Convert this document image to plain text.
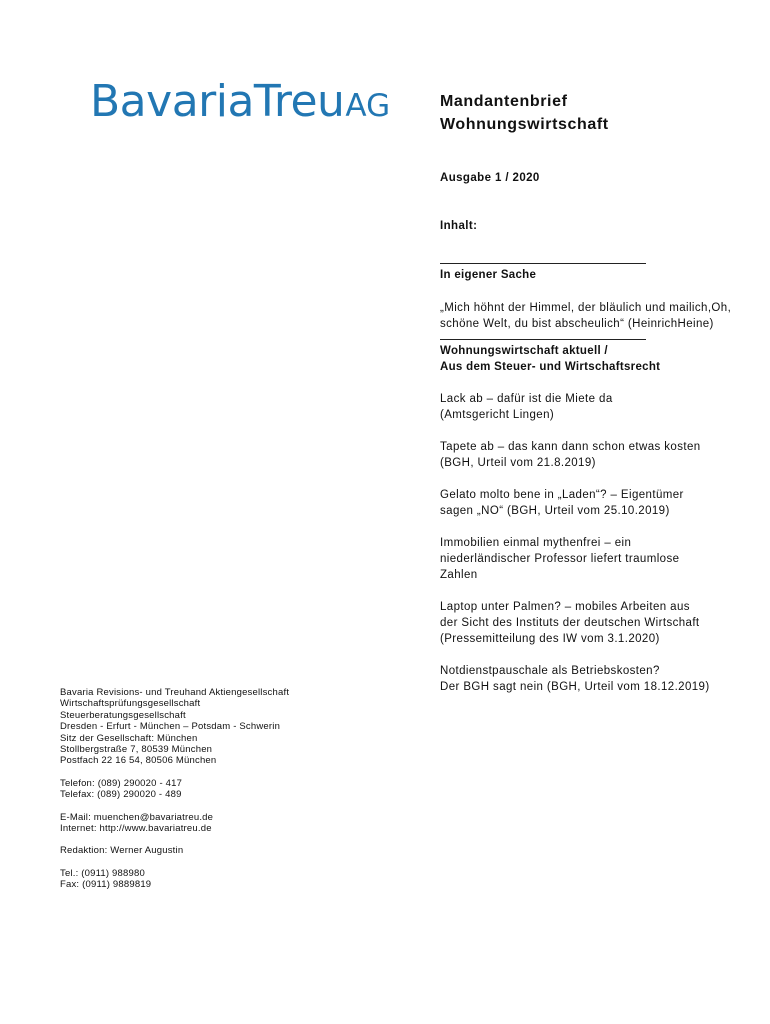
BavariaTreuAG	Mandantenbrief
Wohnungswirtschaft
Ausgabe 1 / 2020
Inhalt:
In eigener Sache
„Mich höhnt der Himmel, der bläulich und mailich,Oh, schöne Welt, du bist abscheulich“ (HeinrichHeine)
Wohnungswirtschaft aktuell /
Aus dem Steuer- und Wirtschaftsrecht
Lack ab – dafür ist die Miete da
(Amtsgericht Lingen)
Tapete ab – das kann dann schon etwas kosten
(BGH, Urteil vom 21.8.2019)
Gelato molto bene in „Laden“? – Eigentümer
sagen „NO“ (BGH, Urteil vom 25.10.2019)
Immobilien einmal mythenfrei – ein
niederländischer Professor liefert traumlose
Zahlen
Laptop unter Palmen? – mobiles Arbeiten aus
der Sicht des Instituts der deutschen Wirtschaft
(Pressemitteilung des IW vom 3.1.2020)
Notdienstpauschale als Betriebskosten?
Der BGH sagt nein (BGH, Urteil vom 18.12.2019)
Bavaria Revisions- und Treuhand Aktiengesellschaft
Wirtschaftsprüfungsgesellschaft
Steuerberatungsgesellschaft
Dresden - Erfurt - München – Potsdam - Schwerin
Sitz der Gesellschaft: München
Stollbergstraße 7, 80539 München
Postfach 22 16 54, 80506 München
Telefon: (089) 290020 - 417
Telefax: (089) 290020 - 489
E-Mail: muenchen@bavariatreu.de
Internet: http://www.bavariatreu.de
Redaktion: Werner Augustin
Tel.: (0911) 988980
Fax: (0911) 9889819
